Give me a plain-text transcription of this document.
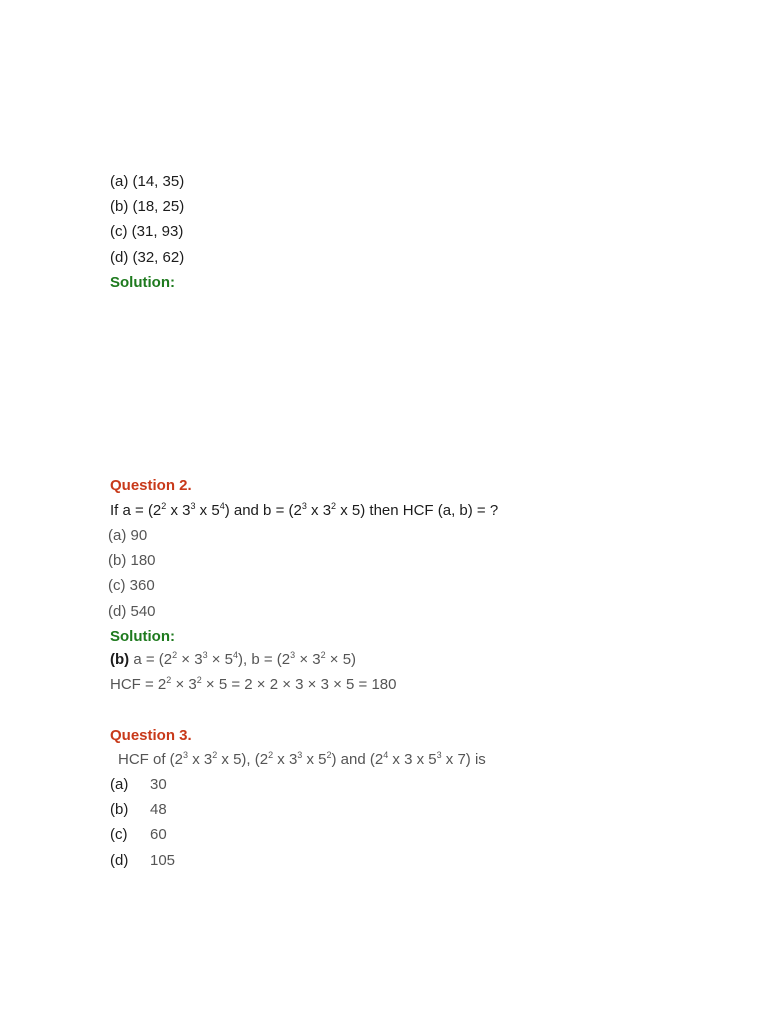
(a) (14, 35)
(b) (18, 25)
(c) (31, 93)
(d) (32, 62)
Solution:
Question 2.
If $a = (2^2$ x $3^3$ x $5^4$) and $b = (2^3$ x $3^2$ x 5) then HCF (a, b) = ?
(a) 90
(b) 180
(c) 360
(d) 540
Solution:
(b) $a = (2^2 \times 3^3 \times 5^4)$, $b = (2^3 \times 3^2 \times 5)$
HCF = $2^2 \times 3^2 \times 5 = 2 \times 2 \times 3 \times 3 \times 5 = 180$
Question 3.
HCF of ($2^3$ x $3^2$ x 5), ($2^2$ x $3^3$ x $5^2$) and ($2^4$ x 3 x $5^3$ x 7) is
(a) 30
(b) 48
(c) 60
(d) 105
